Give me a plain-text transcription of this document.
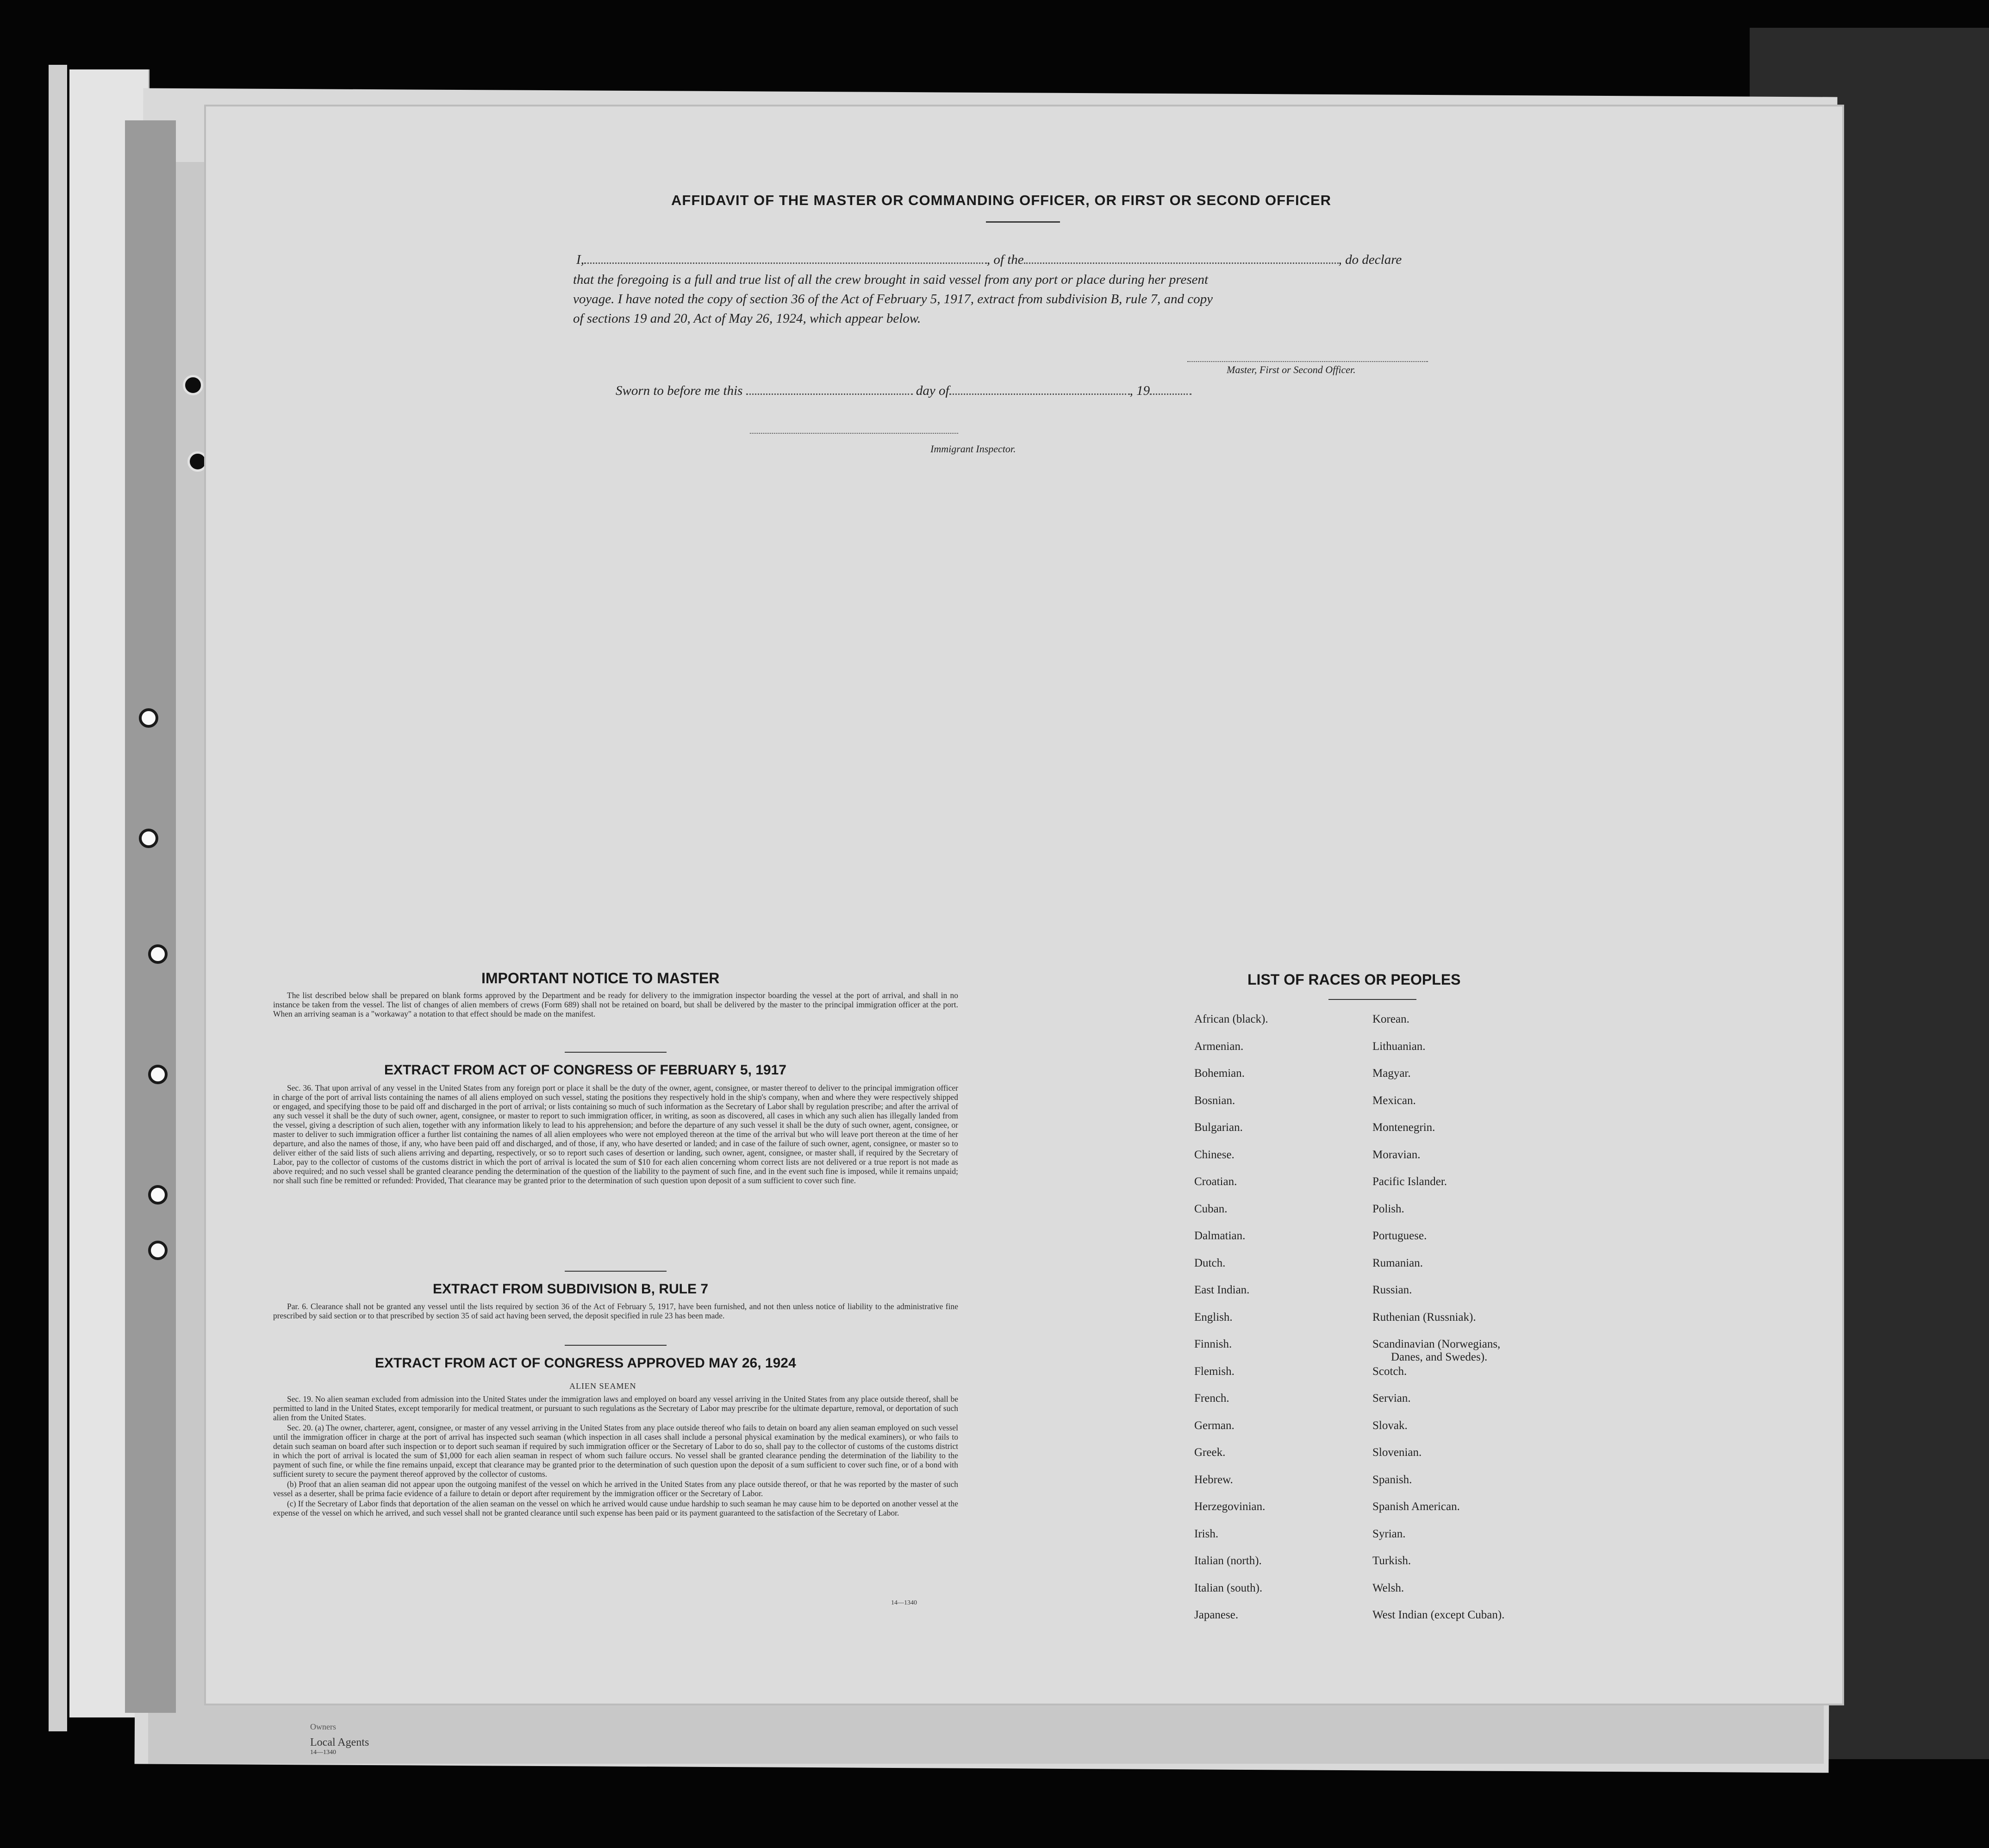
Owners
Local Agents
14—1340
AFFIDAVIT OF THE MASTER OR COMMANDING OFFICER, OR FIRST OR SECOND OFFICER
I,	, of the	, do declare
that the foregoing is a full and true list of all the crew brought in said vessel from any port or place during her present
voyage. I have noted the copy of section 36 of the Act of February 5, 1917, extract from subdivision B, rule 7, and copy
of sections 19 and 20, Act of May 26, 1924, which appear below.
Master, First or Second Officer.
Sworn to before me this	day of	, 19
Immigrant Inspector.
IMPORTANT NOTICE TO MASTER

The list described below shall be prepared on blank forms approved by the Department and be ready for delivery to the immigration inspector boarding the vessel at the port of arrival, and shall in no instance be taken from the vessel. The list of changes of alien members of crews (Form 689) shall not be retained on board, but shall be delivered by the master to the principal immigration officer at the port. When an arriving seaman is a "workaway" a notation to that effect should be made on the manifest.

EXTRACT FROM ACT OF CONGRESS OF FEBRUARY 5, 1917

Sec. 36. That upon arrival of any vessel in the United States from any foreign port or place it shall be the duty of the owner, agent, consignee, or master thereof to deliver to the principal immigration officer in charge of the port of arrival lists containing the names of all aliens employed on such vessel, stating the positions they respectively hold in the ship's company, when and where they were respectively shipped or engaged, and specifying those to be paid off and discharged in the port of arrival; or lists containing so much of such information as the Secretary of Labor shall by regulation prescribe; and after the arrival of any such vessel it shall be the duty of such owner, agent, consignee, or master to report to such immigration officer, in writing, as soon as discovered, all cases in which any such alien has illegally landed from the vessel, giving a description of such alien, together with any information likely to lead to his apprehension; and before the departure of any such vessel it shall be the duty of such owner, agent, consignee, or master to deliver to such immigration officer a further list containing the names of all alien employees who were not employed thereon at the time of the arrival but who will leave port thereon at the time of her departure, and also the names of those, if any, who have been paid off and discharged, and of those, if any, who have deserted or landed; and in case of the failure of such owner, agent, consignee, or master so to deliver either of the said lists of such aliens arriving and departing, respectively, or so to report such cases of desertion or landing, such owner, agent, consignee, or master shall, if required by the Secretary of Labor, pay to the collector of customs of the customs district in which the port of arrival is located the sum of $10 for each alien concerning whom correct lists are not delivered or a true report is not made as above required; and no such vessel shall be granted clearance pending the determination of the question of the liability to the payment of such fine, and in the event such fine is imposed, while it remains unpaid; nor shall such fine be remitted or refunded: Provided, That clearance may be granted prior to the determination of such question upon deposit of a sum sufficient to cover such fine.

EXTRACT FROM SUBDIVISION B, RULE 7

Par. 6. Clearance shall not be granted any vessel until the lists required by section 36 of the Act of February 5, 1917, have been furnished, and not then unless notice of liability to the administrative fine prescribed by said section or to that prescribed by section 35 of said act having been served, the deposit specified in rule 23 has been made.

EXTRACT FROM ACT OF CONGRESS APPROVED MAY 26, 1924
ALIEN SEAMEN

Sec. 19. No alien seaman excluded from admission into the United States under the immigration laws and employed on board any vessel arriving in the United States from any place outside thereof, shall be permitted to land in the United States, except temporarily for medical treatment, or pursuant to such regulations as the Secretary of Labor may prescribe for the ultimate departure, removal, or deportation of such alien from the United States.

Sec. 20. (a) The owner, charterer, agent, consignee, or master of any vessel arriving in the United States from any place outside thereof who fails to detain on board any alien seaman employed on such vessel until the immigration officer in charge at the port of arrival has inspected such seaman (which inspection in all cases shall include a personal physical examination by the medical examiners), or who fails to detain such seaman on board after such inspection or to deport such seaman if required by such immigration officer or the Secretary of Labor to do so, shall pay to the collector of customs of the customs district in which the port of arrival is located the sum of $1,000 for each alien seaman in respect of whom such failure occurs. No vessel shall be granted clearance pending the determination of the liability to the payment of such fine, or while the fine remains unpaid, except that clearance may be granted prior to the determination of such question upon the deposit of a sum sufficient to cover such fine, or of a bond with sufficient surety to secure the payment thereof approved by the collector of customs.

(b) Proof that an alien seaman did not appear upon the outgoing manifest of the vessel on which he arrived in the United States from any place outside thereof, or that he was reported by the master of such vessel as a deserter, shall be prima facie evidence of a failure to detain or deport after requirement by the immigration officer or the Secretary of Labor.

(c) If the Secretary of Labor finds that deportation of the alien seaman on the vessel on which he arrived would cause undue hardship to such seaman he may cause him to be deported on another vessel at the expense of the vessel on which he arrived, and such vessel shall not be granted clearance until such expense has been paid or its payment guaranteed to the satisfaction of the Secretary of Labor.

14—1340
LIST OF RACES OR PEOPLES
African (black).
Armenian.
Bohemian.
Bosnian.
Bulgarian.
Chinese.
Croatian.
Cuban.
Dalmatian.
Dutch.
East Indian.
English.
Finnish.
Flemish.
French.
German.
Greek.
Hebrew.
Herzegovinian.
Irish.
Italian (north).
Italian (south).
Japanese.
Korean.
Lithuanian.
Magyar.
Mexican.
Montenegrin.
Moravian.
Pacific Islander.
Polish.
Portuguese.
Rumanian.
Russian.
Ruthenian (Russniak).
Scandinavian (Norwegians,
Danes, and Swedes).
Scotch.
Servian.
Slovak.
Slovenian.
Spanish.
Spanish American.
Syrian.
Turkish.
Welsh.
West Indian (except Cuban).
